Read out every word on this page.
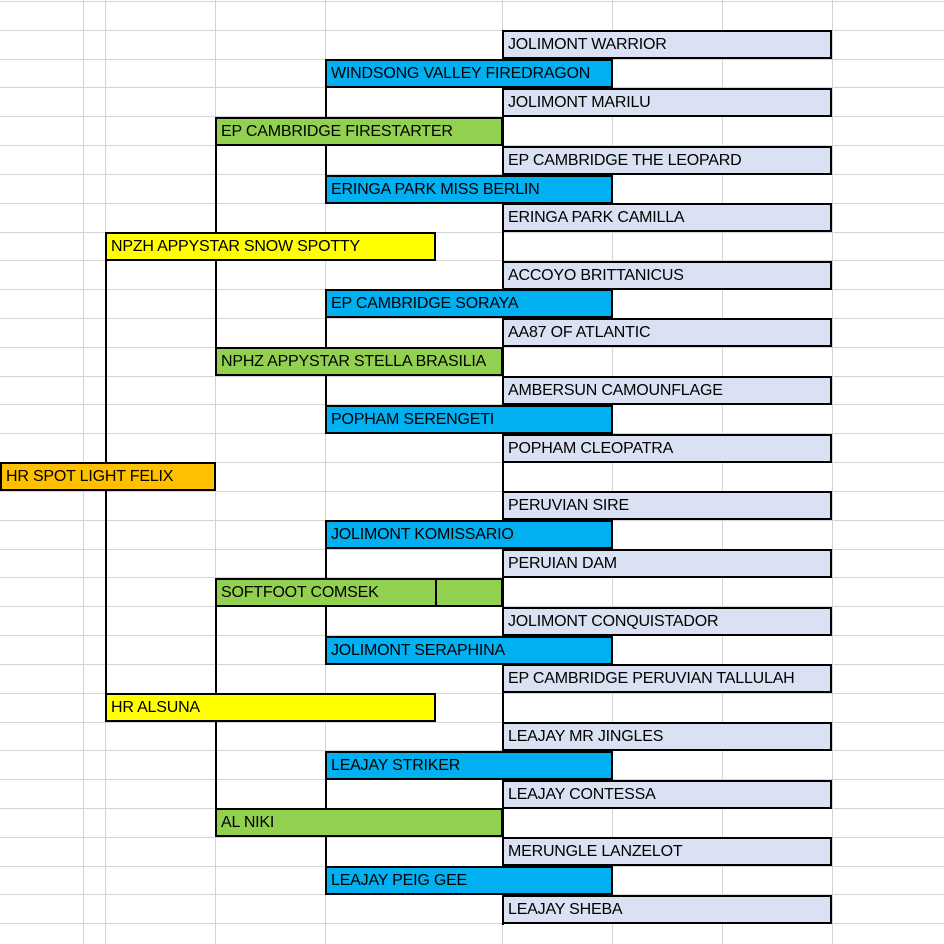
HR SPOT LIGHT FELIX
NPZH APPYSTAR SNOW SPOTTY
HR ALSUNA
EP CAMBRIDGE FIRESTARTER
NPHZ APPYSTAR STELLA BRASILIA
SOFTFOOT COMSEK
AL NIKI
WINDSONG VALLEY FIREDRAGON
ERINGA PARK MISS BERLIN
EP CAMBRIDGE SORAYA
POPHAM SERENGETI
JOLIMONT KOMISSARIO
JOLIMONT SERAPHINA
LEAJAY STRIKER
LEAJAY PEIG GEE
JOLIMONT WARRIOR
JOLIMONT MARILU
EP CAMBRIDGE THE LEOPARD
ERINGA PARK CAMILLA
ACCOYO BRITTANICUS
AA87 OF ATLANTIC
AMBERSUN CAMOUNFLAGE
POPHAM CLEOPATRA
PERUVIAN SIRE
PERUIAN DAM
JOLIMONT CONQUISTADOR
EP CAMBRIDGE PERUVIAN TALLULAH
LEAJAY MR JINGLES
LEAJAY CONTESSA
MERUNGLE LANZELOT
LEAJAY SHEBA
